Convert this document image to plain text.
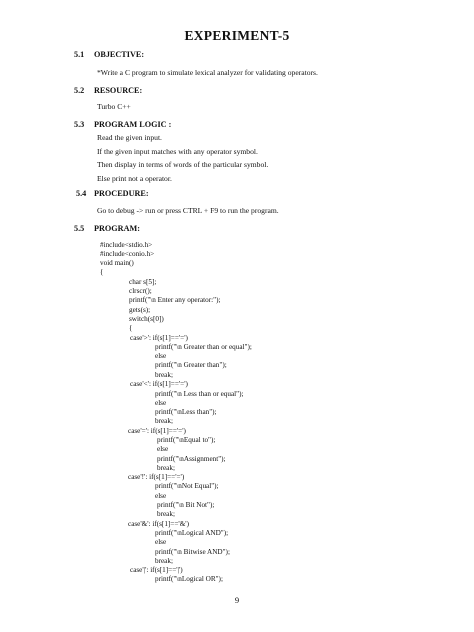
EXPERIMENT-5
5.1 OBJECTIVE:
*Write a C program to simulate lexical analyzer for validating operators.
5.2 RESOURCE:
Turbo C++
5.3 PROGRAM LOGIC :
Read the given input.
If the given input matches with any operator symbol.
Then display in terms of words of the particular symbol.
Else print not a operator.
5.4 PROCEDURE:
Go to debug -> run or press CTRL + F9 to run the program.
5.5 PROGRAM:
#include<stdio.h>
#include<conio.h>
void main()
{
char s[5];
clrscr();
printf("\n Enter any operator:");
gets(s);
switch(s[0])
{
case'>': if(s[1]=='=')
printf("\n Greater than or equal");
else
printf("\n Greater than");
break;
case'<': if(s[1]=='=')
printf("\n Less than or equal");
else
printf("\nLess than");
break;
case'=': if(s[1]=='=')
printf("\nEqual to");
else
printf("\nAssignment");
break;
case'!': if(s[1]=='=')
printf("\nNot Equal");
else
printf("\n Bit Not");
break;
case'&': if(s[1]=='&')
printf("\nLogical AND");
else
printf("\n Bitwise AND");
break;
case'|': if(s[1]=='|')
printf("\nLogical OR");
9
